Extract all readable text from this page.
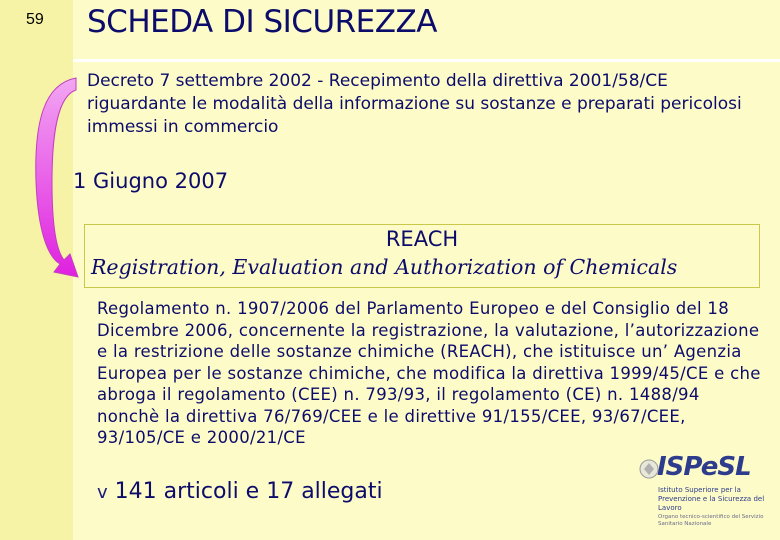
59 SCHEDA DI SICUREZZA
Decreto 7 settembre 2002 - Recepimento della direttiva 2001/58/CE riguardante le modalità della informazione su sostanze e preparati pericolosi immessi in commercio
1 Giugno 2007
REACH
Registration, Evaluation and Authorization of Chemicals
Regolamento n. 1907/2006 del Parlamento Europeo e del Consiglio del 18 Dicembre 2006, concernente la registrazione, la valutazione, l’autorizzazione e la restrizione delle sostanze chimiche (REACH), che istituisce un’ Agenzia Europea per le sostanze chimiche, che modifica la direttiva 1999/45/CE e che abroga il regolamento (CEE) n. 793/93, il regolamento (CE) n. 1488/94 nonchè la direttiva 76/769/CEE e le direttive 91/155/CEE, 93/67/CEE, 93/105/CE e 2000/21/CE
v 141 articoli e 17 allegati
ISPeSL
Istituto Superiore per la Prevenzione e la Sicurezza del Lavoro
Organo tecnico-scientifico del Servizio Sanitario Nazionale
